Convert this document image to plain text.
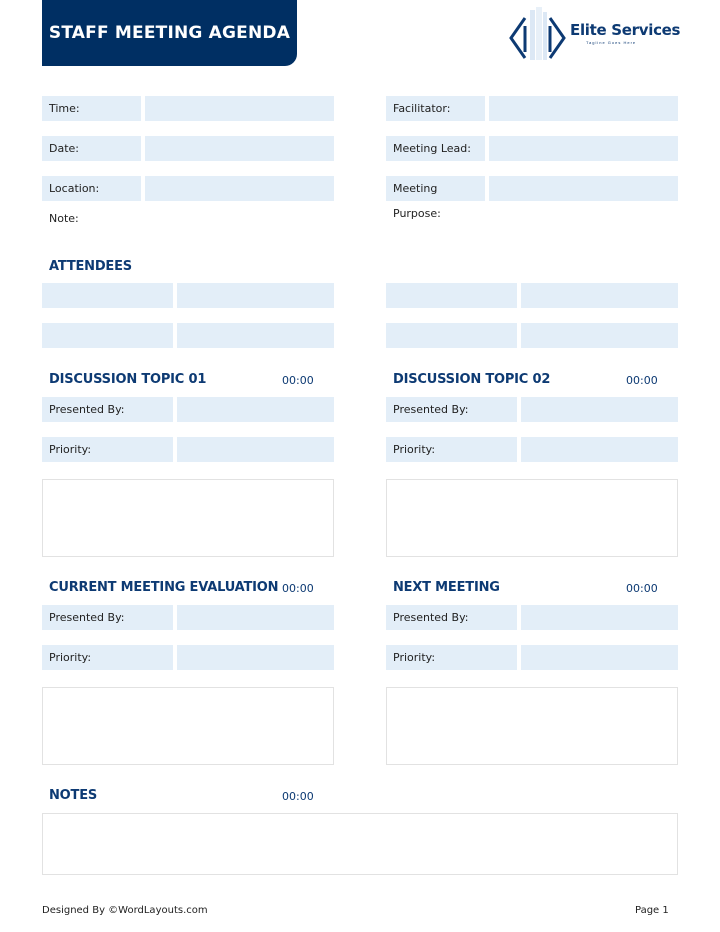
STAFF MEETING AGENDA	Elite Services
Tagline Goes Here
Time:
Date:
Location:
Note:
Facilitator:
Meeting Lead:
Meeting Purpose:
ATTENDEES
DISCUSSION TOPIC 01	00:00
Presented By:
Priority:
DISCUSSION TOPIC 02	00:00
Presented By:
Priority:
CURRENT MEETING EVALUATION 00:00
Presented By:
Priority:
NEXT MEETING	00:00
Presented By:
Priority:
NOTES	00:00
Designed By ©WordLayouts.com	Page 1
